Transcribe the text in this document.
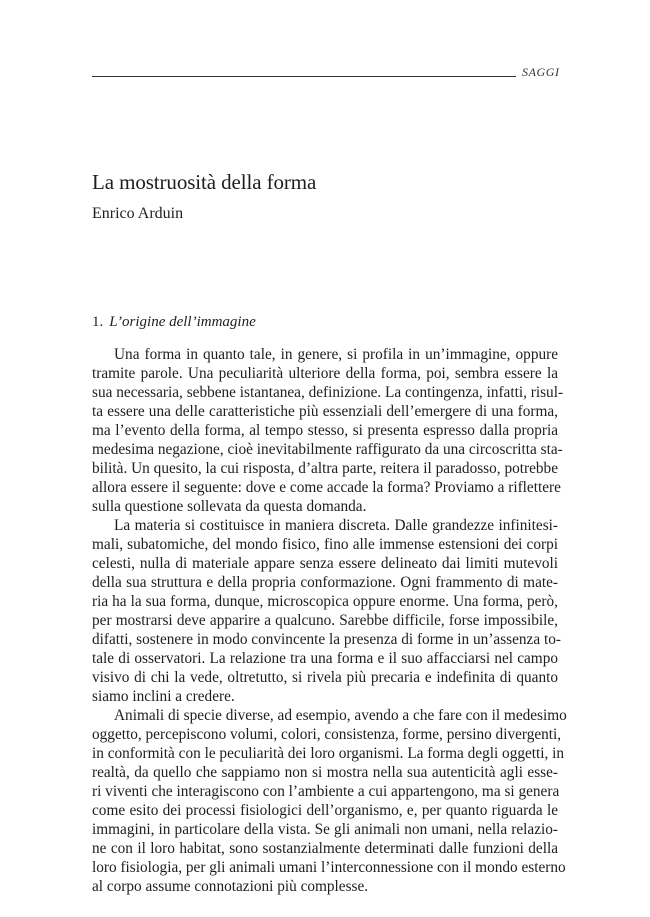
SAGGI
La mostruosità della forma
Enrico Arduin
1. L’origine dell’immagine
Una forma in quanto tale, in genere, si profila in un’immagine, oppure
tramite parole. Una peculiarità ulteriore della forma, poi, sembra essere la
sua necessaria, sebbene istantanea, definizione. La contingenza, infatti, risul-
ta essere una delle caratteristiche più essenziali dell’emergere di una forma,
ma l’evento della forma, al tempo stesso, si presenta espresso dalla propria
medesima negazione, cioè inevitabilmente raffigurato da una circoscritta sta-
bilità. Un quesito, la cui risposta, d’altra parte, reitera il paradosso, potrebbe
allora essere il seguente: dove e come accade la forma? Proviamo a riflettere
sulla questione sollevata da questa domanda.
La materia si costituisce in maniera discreta. Dalle grandezze infinitesi-
mali, subatomiche, del mondo fisico, fino alle immense estensioni dei corpi
celesti, nulla di materiale appare senza essere delineato dai limiti mutevoli
della sua struttura e della propria conformazione. Ogni frammento di mate-
ria ha la sua forma, dunque, microscopica oppure enorme. Una forma, però,
per mostrarsi deve apparire a qualcuno. Sarebbe difficile, forse impossibile,
difatti, sostenere in modo convincente la presenza di forme in un’assenza to-
tale di osservatori. La relazione tra una forma e il suo affacciarsi nel campo
visivo di chi la vede, oltretutto, si rivela più precaria e indefinita di quanto
siamo inclini a credere.
Animali di specie diverse, ad esempio, avendo a che fare con il medesimo
oggetto, percepiscono volumi, colori, consistenza, forme, persino divergenti,
in conformità con le peculiarità dei loro organismi. La forma degli oggetti, in
realtà, da quello che sappiamo non si mostra nella sua autenticità agli esse-
ri viventi che interagiscono con l’ambiente a cui appartengono, ma si genera
come esito dei processi fisiologici dell’organismo, e, per quanto riguarda le
immagini, in particolare della vista. Se gli animali non umani, nella relazio-
ne con il loro habitat, sono sostanzialmente determinati dalle funzioni della
loro fisiologia, per gli animali umani l’interconnessione con il mondo esterno
al corpo assume connotazioni più complesse.
